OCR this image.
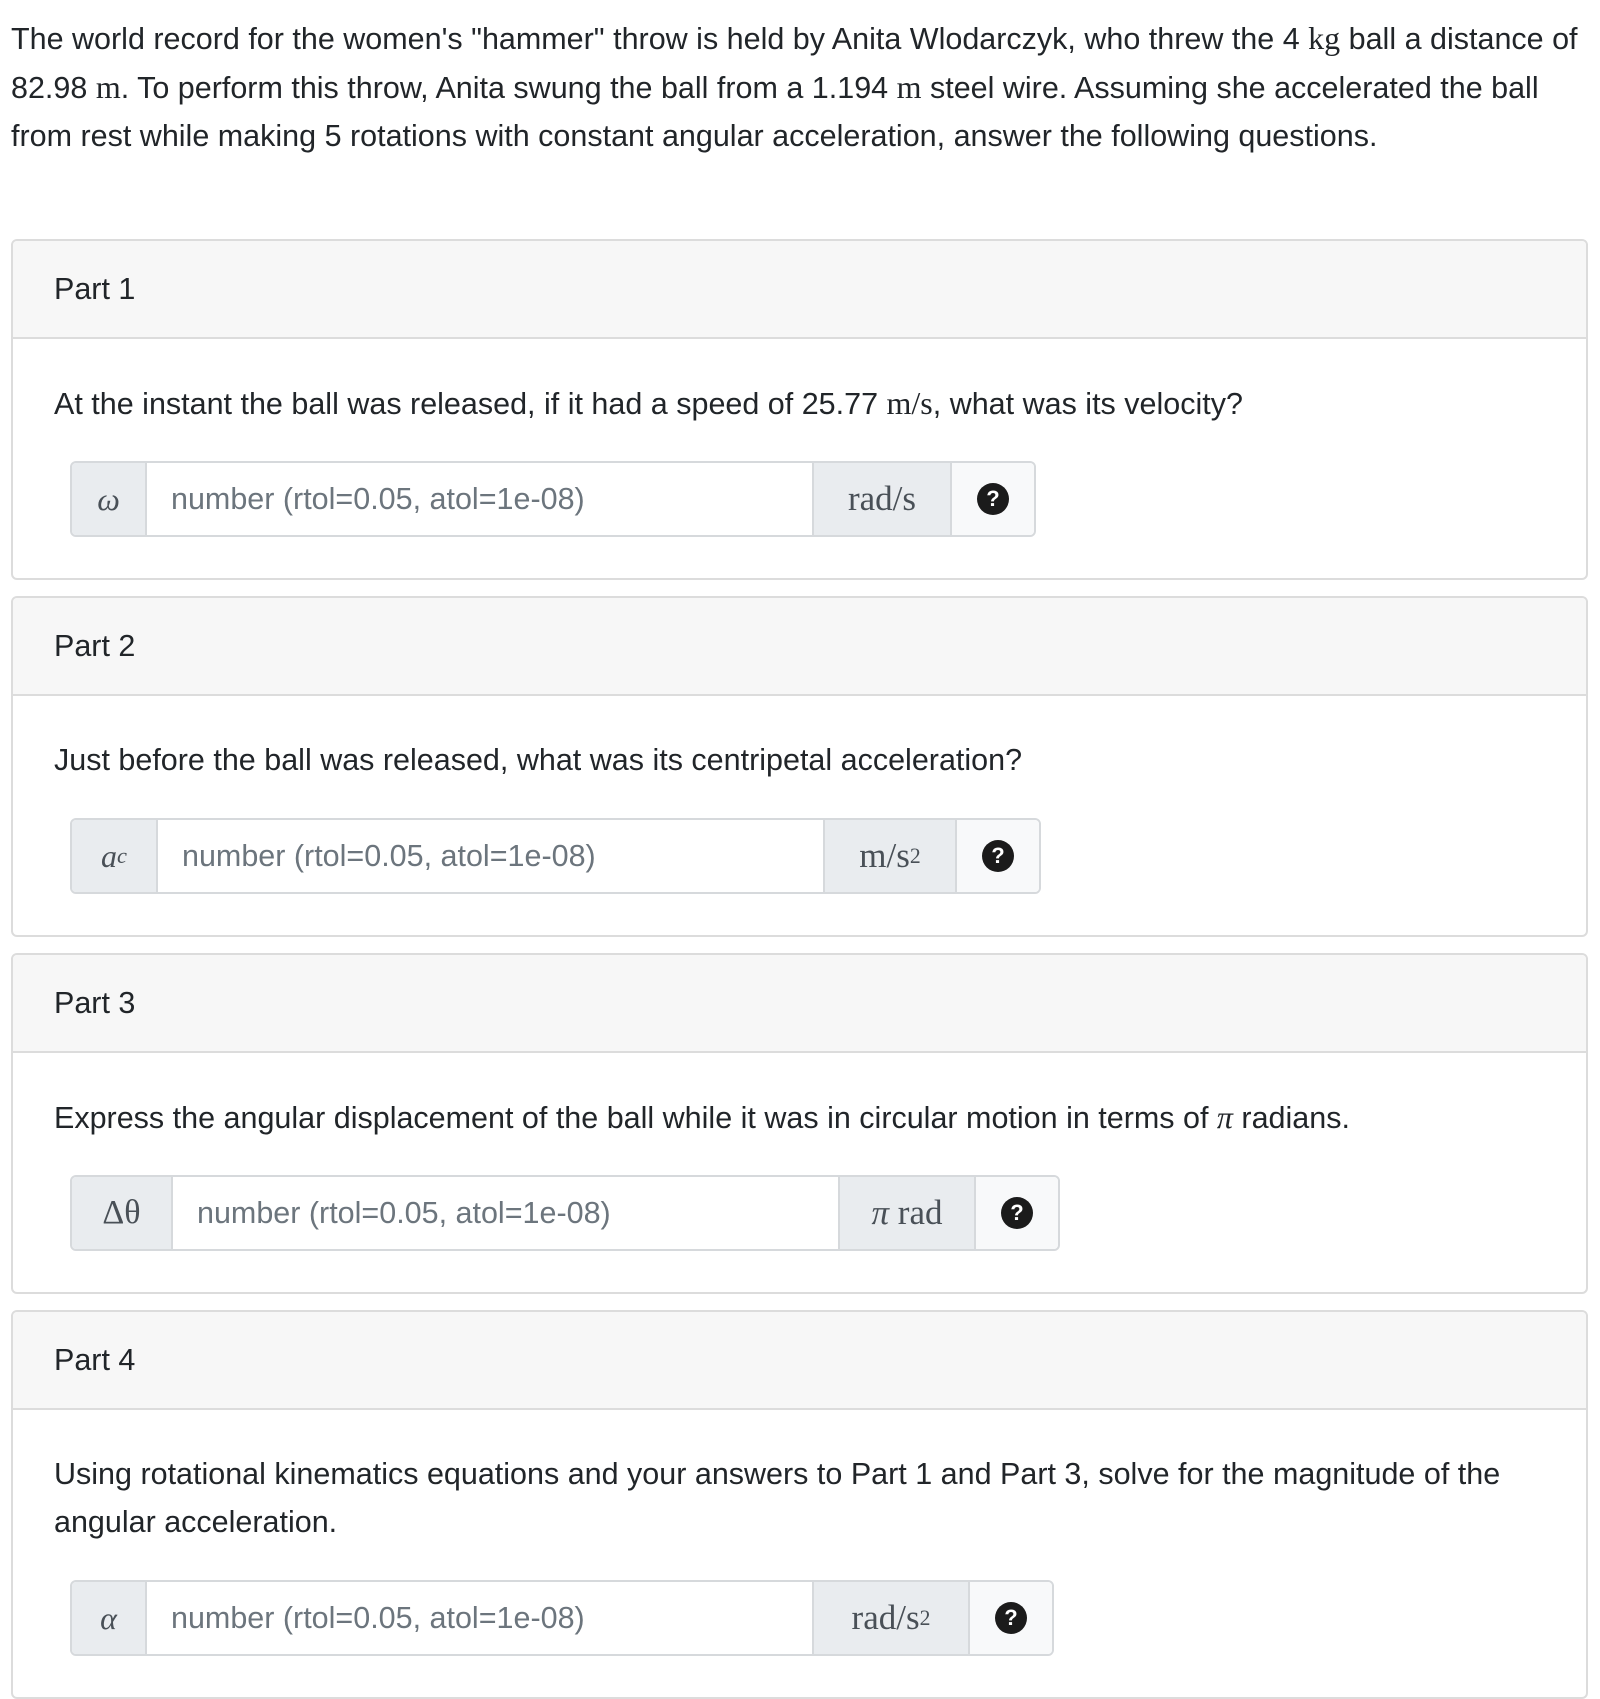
The world record for the women's "hammer" throw is held by Anita Wlodarczyk, who threw the 4 kg ball a distance of 82.98 m. To perform this throw, Anita swung the ball from a 1.194 m steel wire. Assuming she accelerated the ball from rest while making 5 rotations with constant angular acceleration, answer the following questions.
Part 1
At the instant the ball was released, if it had a speed of 25.77 m/s, what was its velocity?
ω
number (rtol=0.05, atol=1e-08)	rad/s	?
Part 2
Just before the ball was released, what was its centripetal acceleration?
a c
number (rtol=0.05, atol=1e-08)	m/s 2	?
Part 3
Express the angular displacement of the ball while it was in circular motion in terms of π radians.
Δθ
number (rtol=0.05, atol=1e-08)	π rad	?
Part 4
Using rotational kinematics equations and your answers to Part 1 and Part 3, solve for the magnitude of the angular acceleration.
α
number (rtol=0.05, atol=1e-08)	rad/s 2	?
